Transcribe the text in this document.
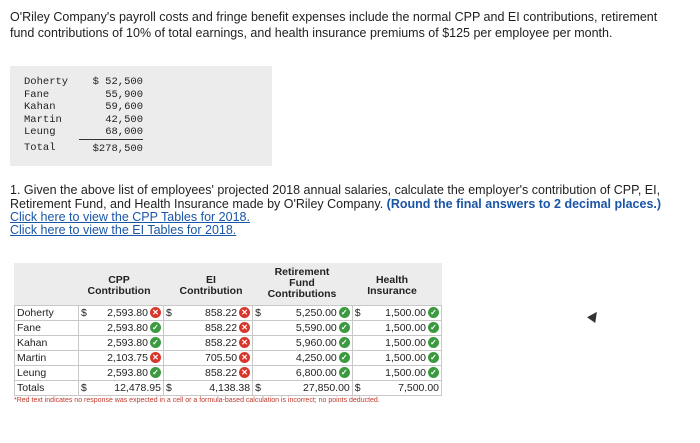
O'Riley Company's payroll costs and fringe benefit expenses include the normal CPP and EI contributions, retirement fund contributions of 10% of total earnings, and health insurance premiums of $125 per employee per month.
Doherty	$ 52,500
Fane	55,900
Kahan	59,600
Martin	42,500
Leung	68,000
Total	$278,500
1. Given the above list of employees' projected 2018 annual salaries, calculate the employer's contribution of CPP, EI, Retirement Fund, and Health Insurance made by O'Riley Company. (Round the final answers to 2 decimal places.)
Click here to view the CPP Tables for 2018.
Click here to view the EI Tables for 2018.
CPP Contribution
EI Contribution
Retirement Fund Contributions
Health Insurance
Doherty	$	2,593.80 ✕	$	858.22 ✕	$	5,250.00 ✓	$	1,500.00 ✓
Fane		2,593.80 ✓		858.22 ✕		5,590.00 ✓		1,500.00 ✓
Kahan		2,593.80 ✓		858.22 ✕		5,960.00 ✓		1,500.00 ✓
Martin		2,103.75 ✕		705.50 ✕		4,250.00 ✓		1,500.00 ✓
Leung		2,593.80 ✓		858.22 ✕		6,800.00 ✓		1,500.00 ✓
Totals	$	12,478.95	$	4,138.38	$	27,850.00	$	7,500.00
*Red text indicates no response was expected in a cell or a formula-based calculation is incorrect; no points deducted.
